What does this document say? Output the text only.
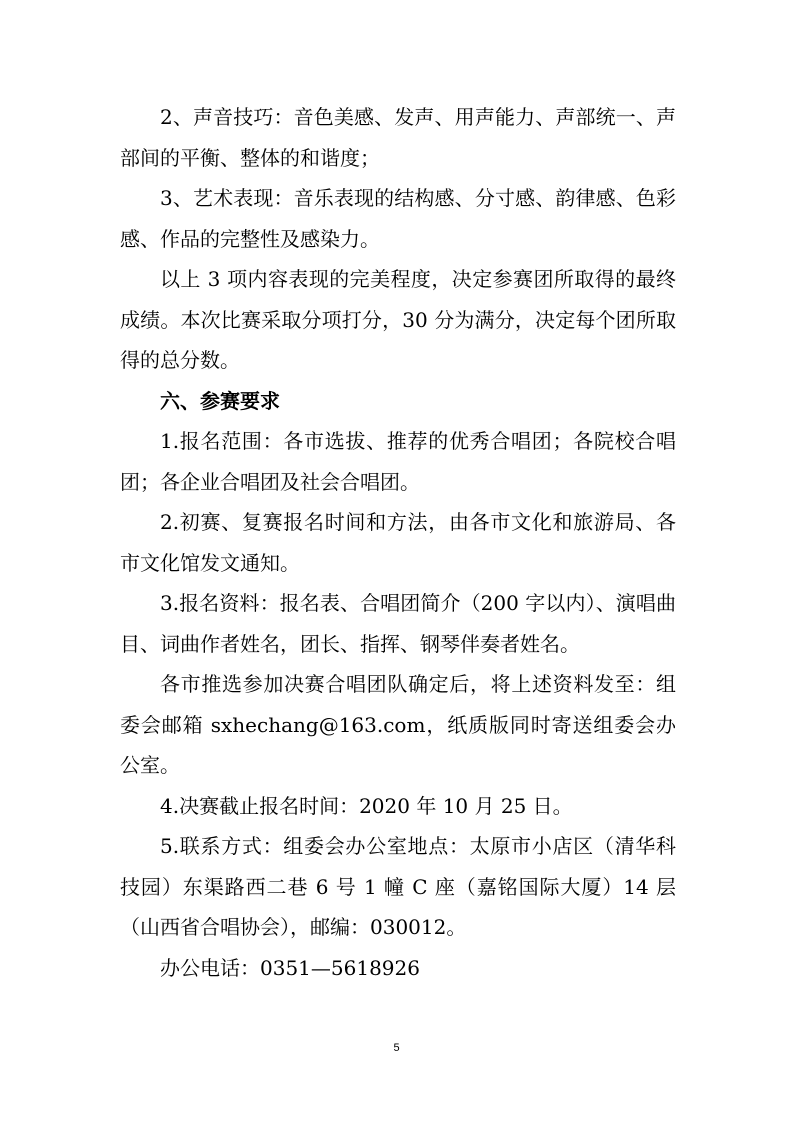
2、声音技巧：音色美感、发声、用声能力、声部统一、声部间的平衡、整体的和谐度；

3、艺术表现：音乐表现的结构感、分寸感、韵律感、色彩感、作品的完整性及感染力。

以上 3 项内容表现的完美程度，决定参赛团所取得的最终成绩。本次比赛采取分项打分，30 分为满分，决定每个团所取得的总分数。

六、参赛要求

1.报名范围：各市选拔、推荐的优秀合唱团；各院校合唱团；各企业合唱团及社会合唱团。

2.初赛、复赛报名时间和方法，由各市文化和旅游局、各市文化馆发文通知。

3.报名资料：报名表、合唱团简介（200 字以内）、演唱曲目、词曲作者姓名，团长、指挥、钢琴伴奏者姓名。

各市推选参加决赛合唱团队确定后，将上述资料发至：组委会邮箱 sxhechang@163.com，纸质版同时寄送组委会办公室。

4.决赛截止报名时间：2020 年 10 月 25 日。

5.联系方式：组委会办公室地点：太原市小店区（清华科技园）东渠路西二巷 6 号 1 幢 C 座（嘉铭国际大厦）14 层（山西省合唱协会），邮编：030012。

办公电话：0351—5618926

5
